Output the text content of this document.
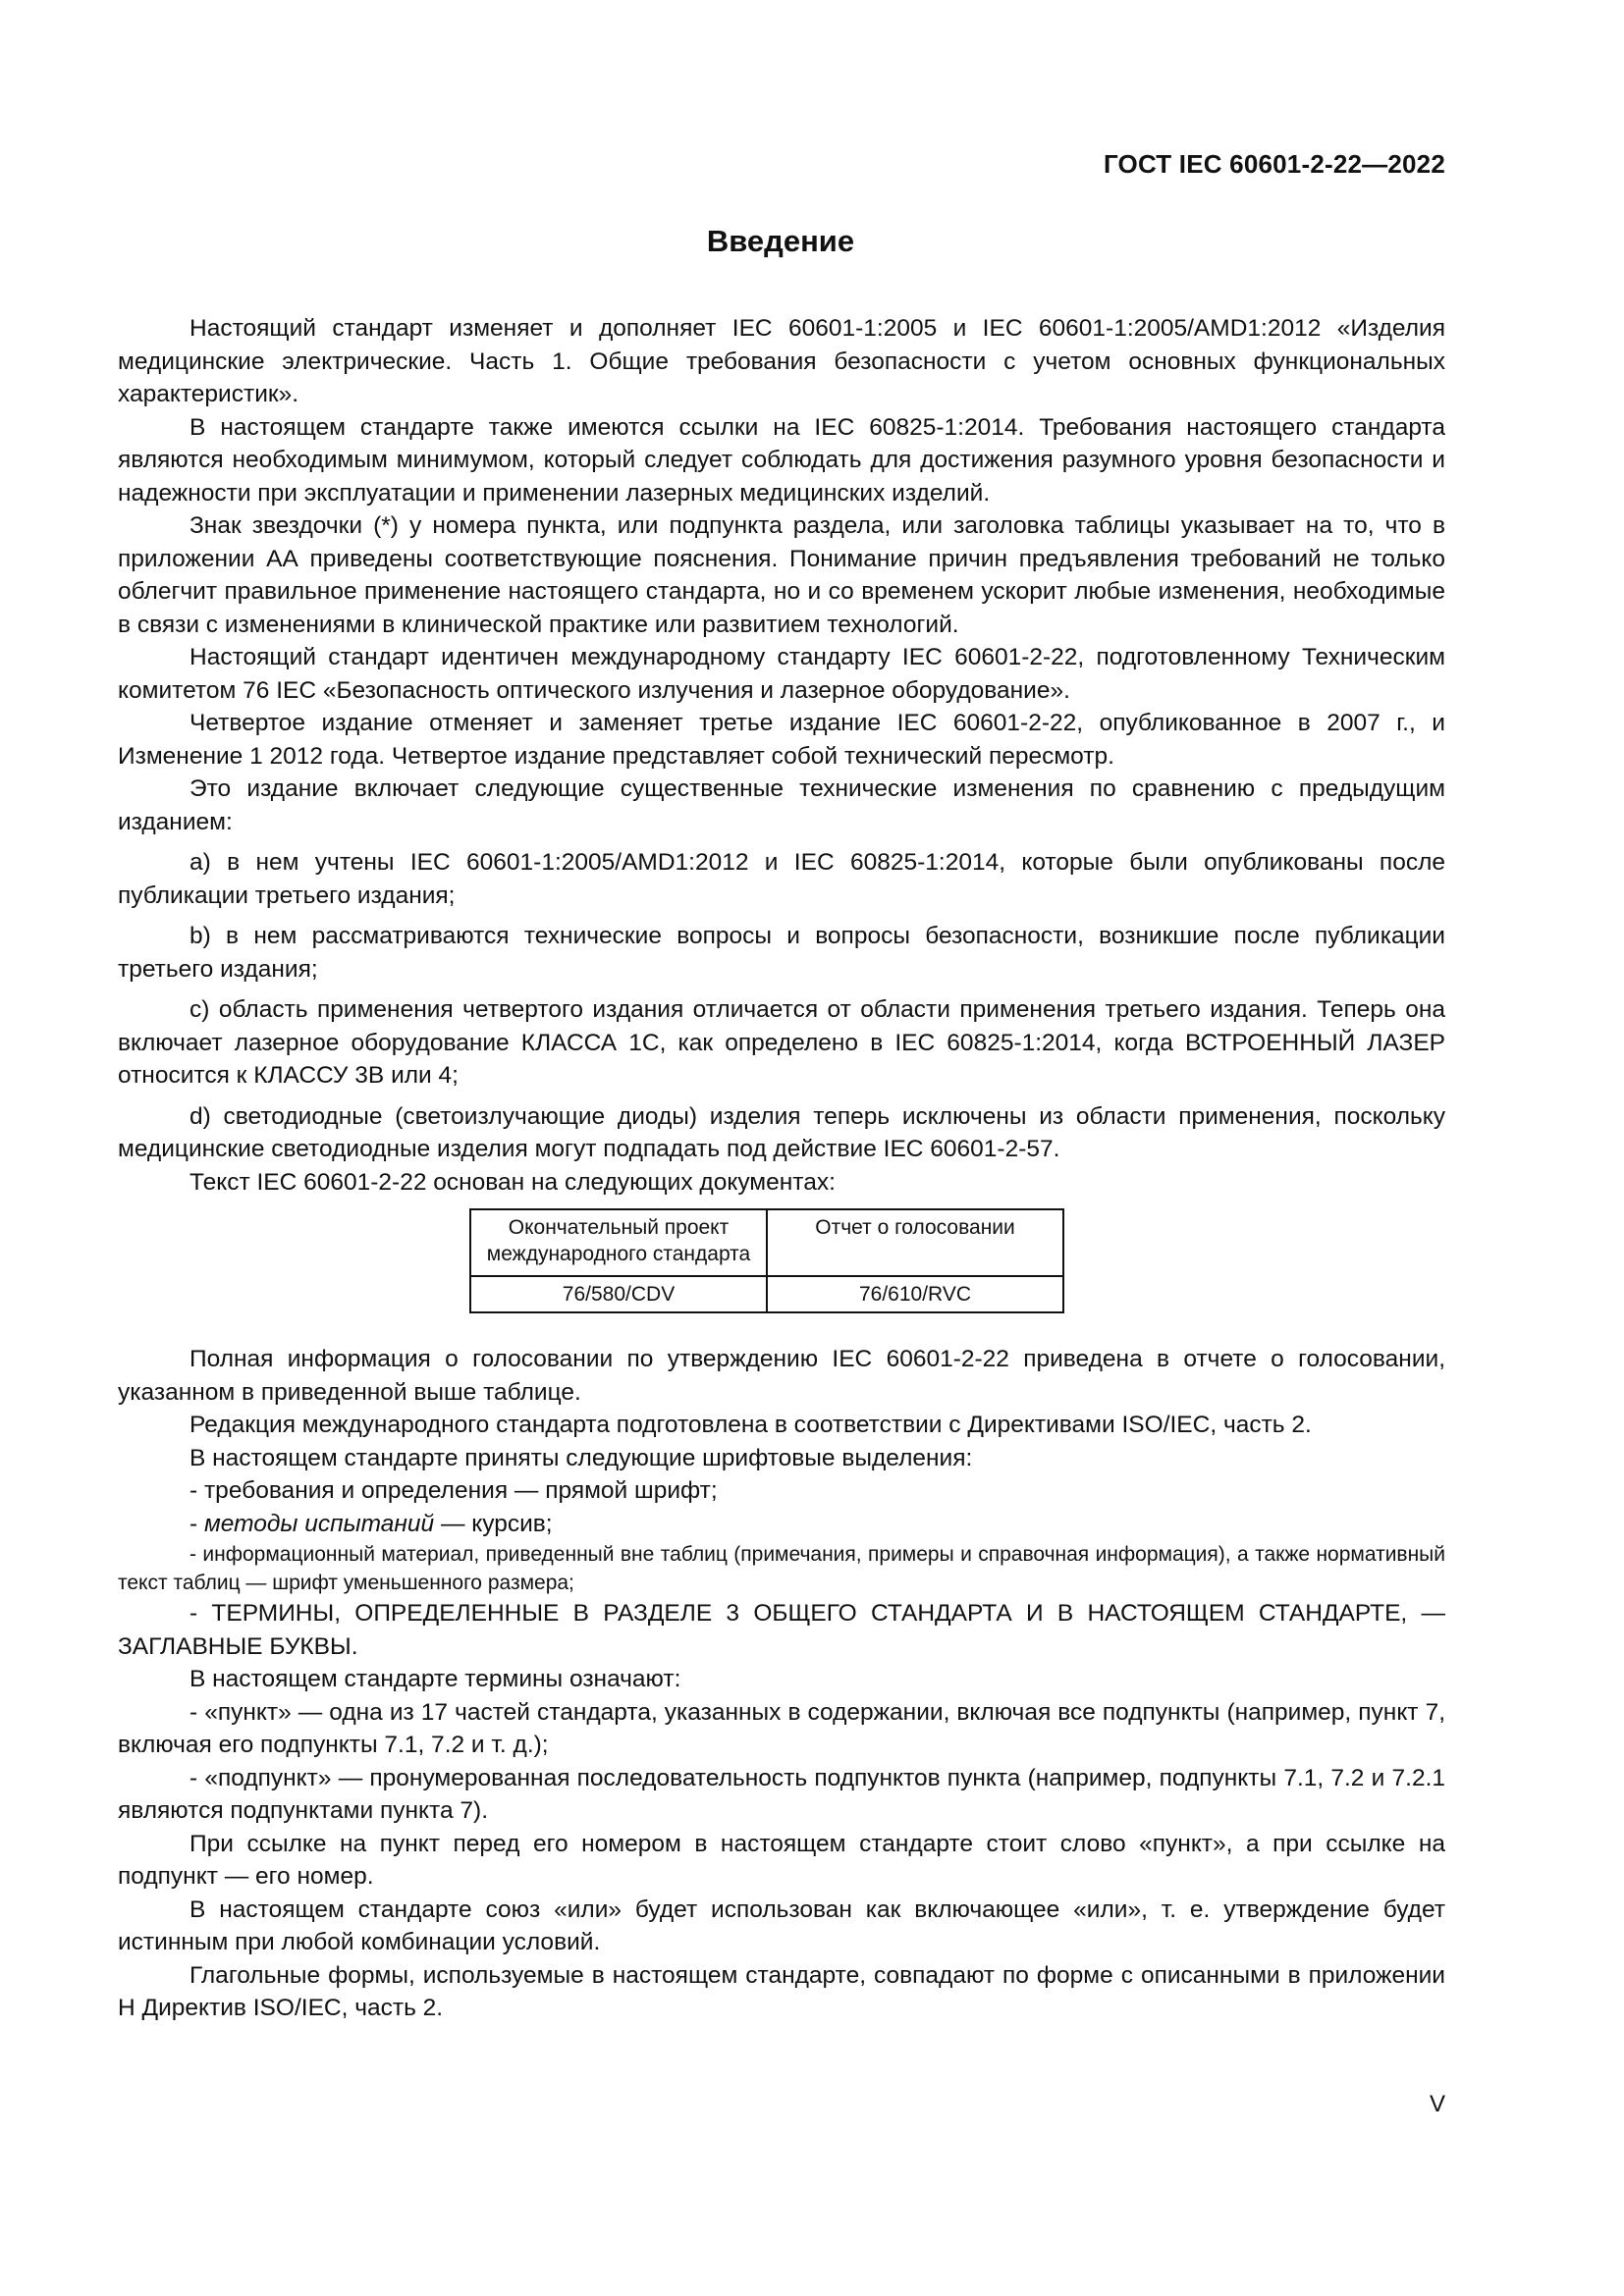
ГОСТ IEC 60601-2-22—2022
Введение

Настоящий стандарт изменяет и дополняет IEC 60601-1:2005 и IEC 60601-1:2005/AMD1:2012 «Изделия медицинские электрические. Часть 1. Общие требования безопасности с учетом основных функциональных характеристик».

В настоящем стандарте также имеются ссылки на IEC 60825-1:2014. Требования настоящего стандарта являются необходимым минимумом, который следует соблюдать для достижения разумного уровня безопасности и надежности при эксплуатации и применении лазерных медицинских изделий.

Знак звездочки (*) у номера пункта, или подпункта раздела, или заголовка таблицы указывает на то, что в приложении АА приведены соответствующие пояснения. Понимание причин предъявления требований не только облегчит правильное применение настоящего стандарта, но и со временем ускорит любые изменения, необходимые в связи с изменениями в клинической практике или развитием технологий.

Настоящий стандарт идентичен международному стандарту IEC 60601-2-22, подготовленному Техническим комитетом 76 IEC «Безопасность оптического излучения и лазерное оборудование».

Четвертое издание отменяет и заменяет третье издание IEC 60601-2-22, опубликованное в 2007 г., и Изменение 1 2012 года. Четвертое издание представляет собой технический пересмотр.

Это издание включает следующие существенные технические изменения по сравнению с предыдущим изданием:

a) в нем учтены IEC 60601-1:2005/AMD1:2012 и IEC 60825-1:2014, которые были опубликованы после публикации третьего издания;

b) в нем рассматриваются технические вопросы и вопросы безопасности, возникшие после публикации третьего издания;

c) область применения четвертого издания отличается от области применения третьего издания. Теперь она включает лазерное оборудование КЛАССА 1С, как определено в IEC 60825-1:2014, когда ВСТРОЕННЫЙ ЛАЗЕР относится к КЛАССУ 3В или 4;

d) светодиодные (светоизлучающие диоды) изделия теперь исключены из области применения, поскольку медицинские светодиодные изделия могут подпадать под действие IEC 60601-2-57.

Текст IEC 60601-2-22 основан на следующих документах:

Окончательный проект международного стандарта	Отчет о голосовании
76/580/CDV	76/610/RVC

Полная информация о голосовании по утверждению IEC 60601-2-22 приведена в отчете о голосовании, указанном в приведенной выше таблице.

Редакция международного стандарта подготовлена в соответствии с Директивами ISO/IEC, часть 2.

В настоящем стандарте приняты следующие шрифтовые выделения:

- требования и определения — прямой шрифт;

- методы испытаний — курсив;

- информационный материал, приведенный вне таблиц (примечания, примеры и справочная информация), а также нормативный текст таблиц — шрифт уменьшенного размера;

- ТЕРМИНЫ, ОПРЕДЕЛЕННЫЕ В РАЗДЕЛЕ 3 ОБЩЕГО СТАНДАРТА И В НАСТОЯЩЕМ СТАНДАРТЕ, — ЗАГЛАВНЫЕ БУКВЫ.

В настоящем стандарте термины означают:

- «пункт» — одна из 17 частей стандарта, указанных в содержании, включая все подпункты (например, пункт 7, включая его подпункты 7.1, 7.2 и т. д.);

- «подпункт» — пронумерованная последовательность подпунктов пункта (например, подпункты 7.1, 7.2 и 7.2.1 являются подпунктами пункта 7).

При ссылке на пункт перед его номером в настоящем стандарте стоит слово «пункт», а при ссылке на подпункт — его номер.

В настоящем стандарте союз «или» будет использован как включающее «или», т. е. утверждение будет истинным при любой комбинации условий.

Глагольные формы, используемые в настоящем стандарте, совпадают по форме с описанными в приложении Н Директив ISO/IEC, часть 2.

V
